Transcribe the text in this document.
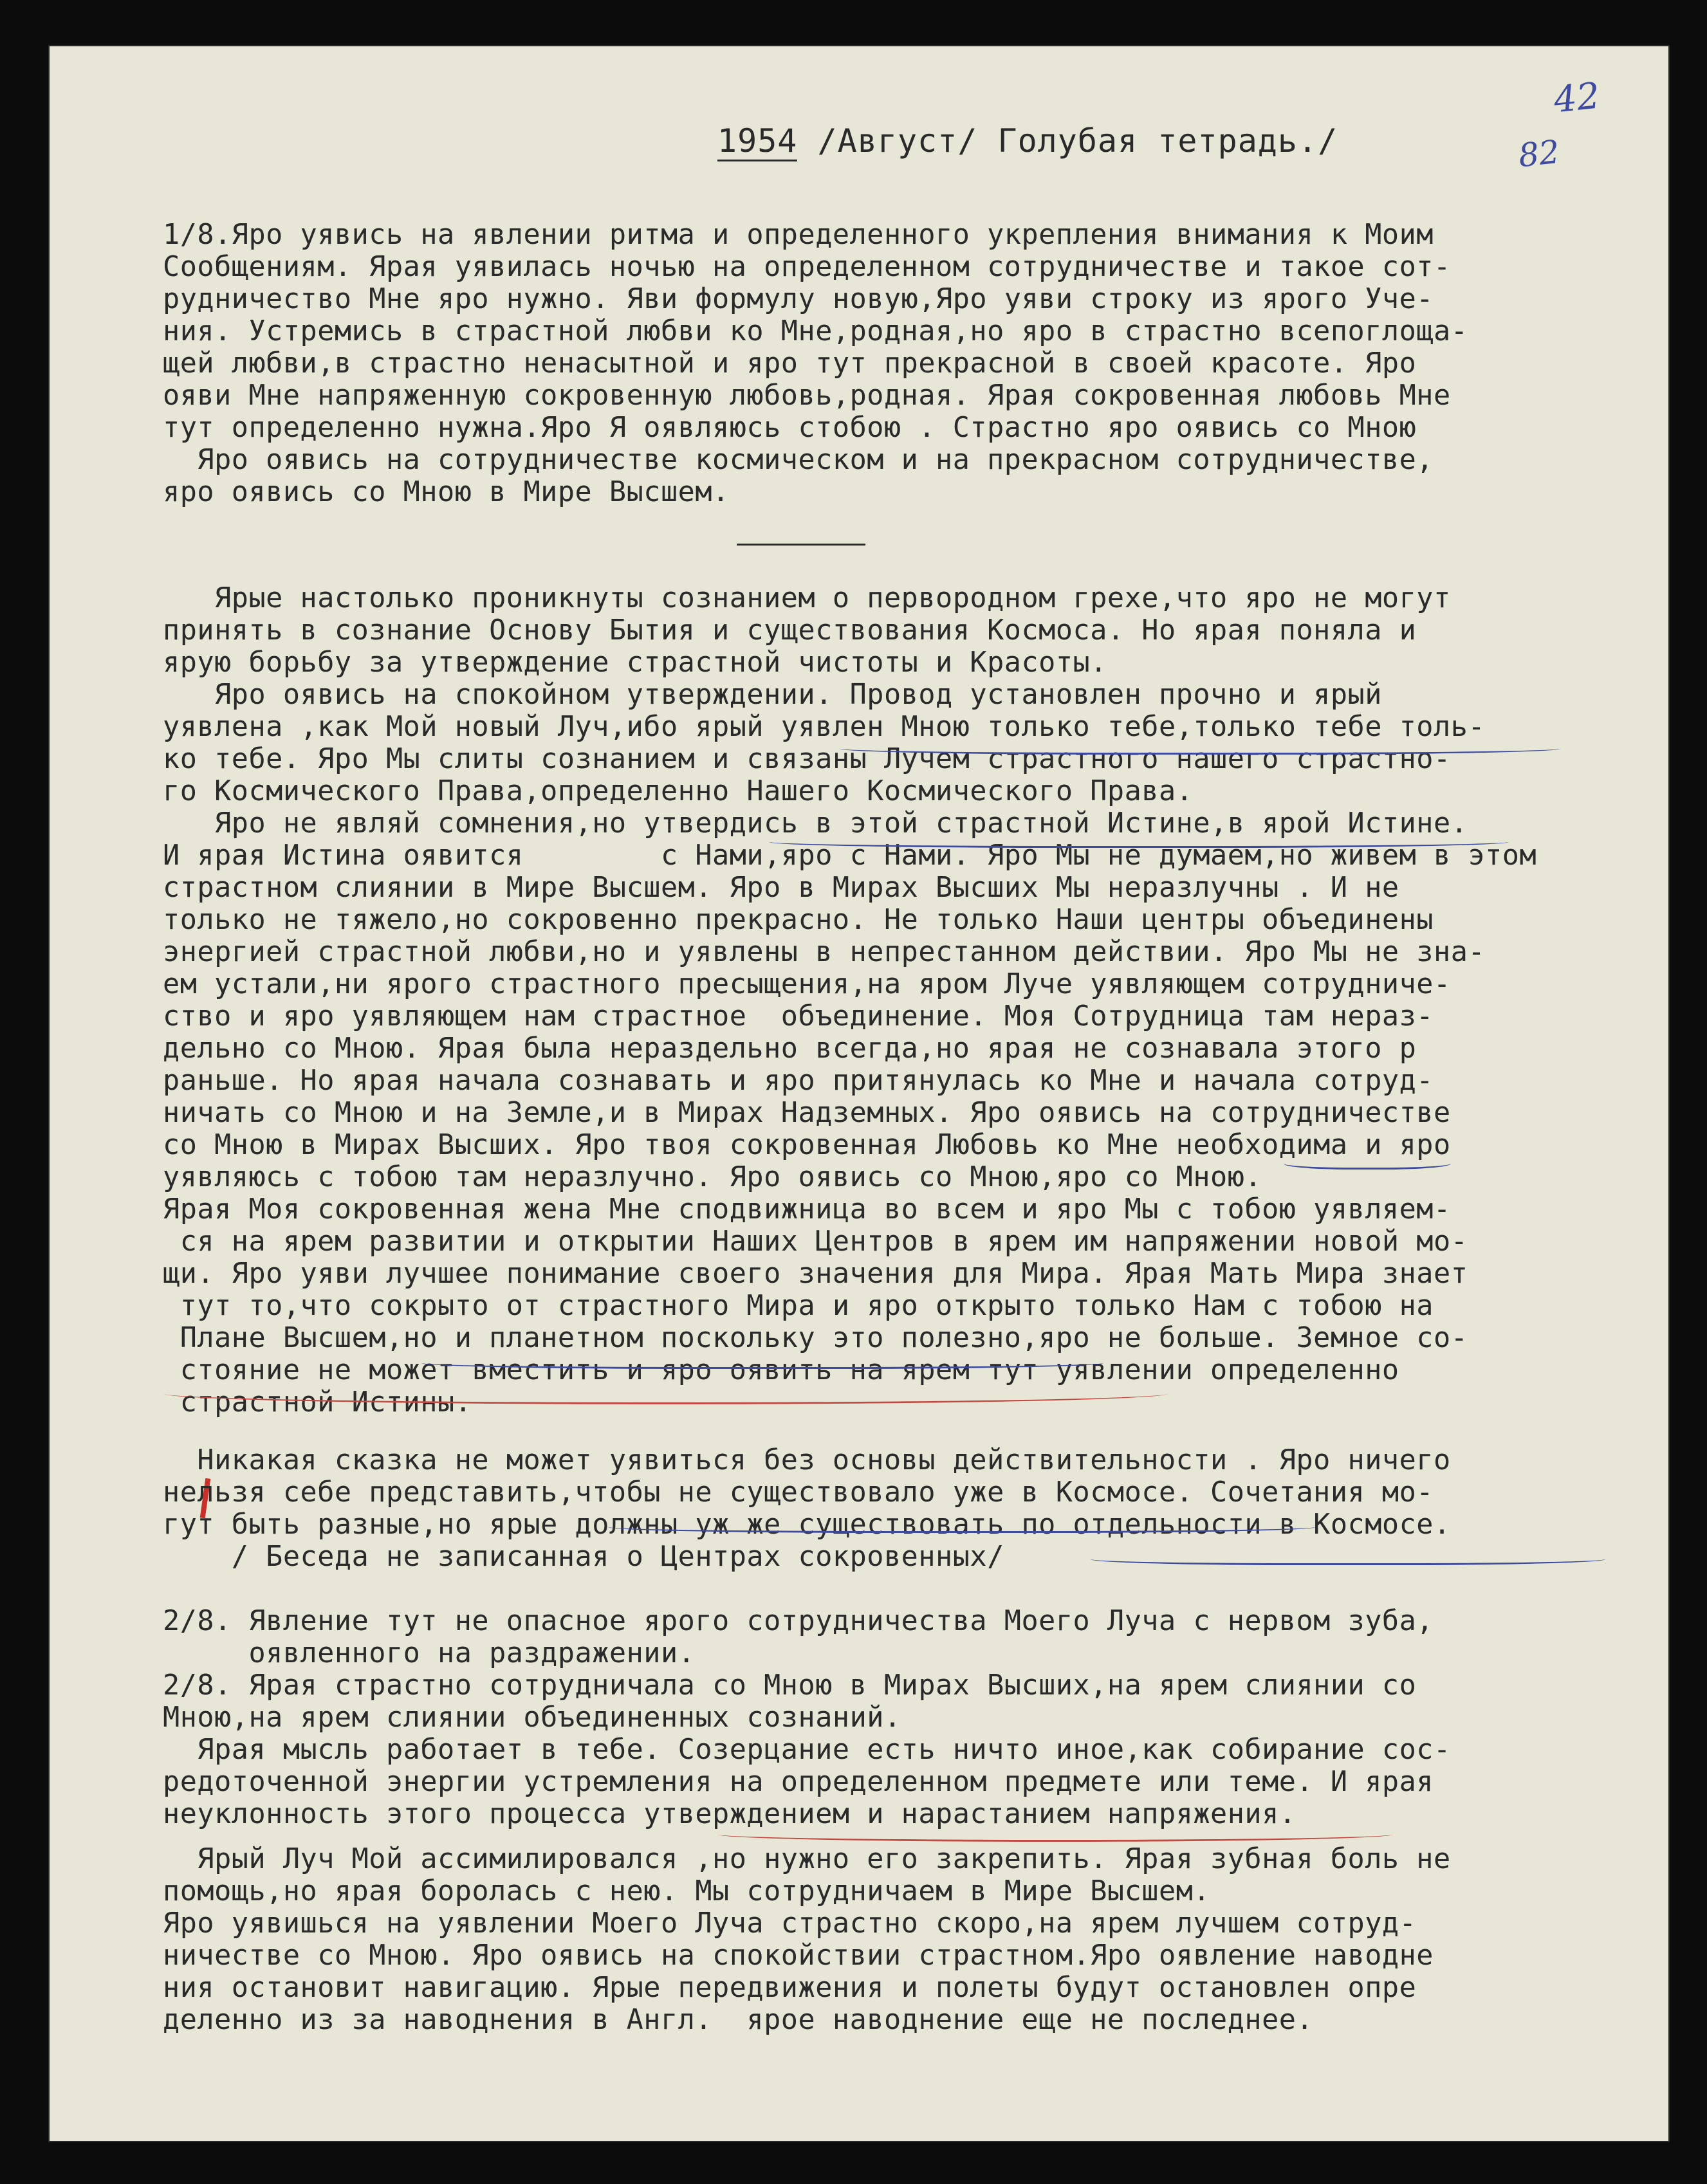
42
82
1954 /Август/ Голубая тетрадь./
1/8.Яро уявись на явлении ритма и определенного укрепления внимания к Моим
Сообщениям. Ярая уявилась ночью на определенном сотрудничестве и такое сот-
рудничество Мне яро нужно. Яви формулу новую,Яро уяви строку из ярого Уче-
ния. Устремись в страстной любви ко Мне,родная,но яро в страстно всепоглоща-
щей любви,в страстно ненасытной и яро тут прекрасной в своей красоте. Яро
ояви Мне напряженную сокровенную любовь,родная. Ярая сокровенная любовь Мне
тут определенно нужна.Яро Я оявляюсь стобою . Страстно яро оявись со Мною
Яро оявись на сотрудничестве космическом и на прекрасном сотрудничестве,
яро оявись со Мною в Мире Высшем.
Ярые настолько проникнуты сознанием о первородном грехе,что яро не могут
принять в сознание Основу Бытия и существования Космоса. Но ярая поняла и
ярую борьбу за утверждение страстной чистоты и Красоты.
Яро оявись на спокойном утверждении. Провод установлен прочно и ярый
уявлена ,как Мой новый Луч,ибо ярый уявлен Мною только тебе,только тебе толь-
ко тебе. Яро Мы слиты сознанием и связаны Лучем страстного нашего страстно-
го Космического Права,определенно Нашего Космического Права.
Яро не являй сомнения,но утвердись в этой страстной Истине,в ярой Истине.
И ярая Истина оявится        с Нами,яро с Нами. Яро Мы не думаем,но живем в этом
страстном слиянии в Мире Высшем. Яро в Мирах Высших Мы неразлучны . И не
только не тяжело,но сокровенно прекрасно. Не только Наши центры объединены
энергией страстной любви,но и уявлены в непрестанном действии. Яро Мы не зна-
ем устали,ни ярого страстного пресыщения,на яром Луче уявляющем сотрудниче-
ство и яро уявляющем нам страстное  объединение. Моя Сотрудница там нераз-
дельно со Мною. Ярая была нераздельно всегда,но ярая не сознавала этого р
раньше. Но ярая начала сознавать и яро притянулась ко Мне и начала сотруд-
ничать со Мною и на Земле,и в Мирах Надземных. Яро оявись на сотрудничестве
со Мною в Мирах Высших. Яро твоя сокровенная Любовь ко Мне необходима и яро
уявляюсь с тобою там неразлучно. Яро оявись со Мною,яро со Мною.
Ярая Моя сокровенная жена Мне сподвижница во всем и яро Мы с тобою уявляем-
ся на ярем развитии и открытии Наших Центров в ярем им напряжении новой мо-
щи. Яро уяви лучшее понимание своего значения для Мира. Ярая Мать Мира знает
тут то,что сокрыто от страстного Мира и яро открыто только Нам с тобою на
Плане Высшем,но и планетном поскольку это полезно,яро не больше. Земное со-
стояние не может вместить и яро оявить на ярем тут уявлении определенно
страстной Истины.
Никакая сказка не может уявиться без основы действительности . Яро ничего
нельзя себе представить,чтобы не существовало уже в Космосе. Сочетания мо-
гут быть разные,но ярые должны уж же существовать по отдельности в Космосе.
/ Беседа не записанная о Центрах сокровенных/
2/8. Явление тут не опасное ярого сотрудничества Моего Луча с нервом зуба,
оявленного на раздражении.
2/8. Ярая страстно сотрудничала со Мною в Мирах Высших,на ярем слиянии со
Мною,на ярем слиянии объединенных сознаний.
Ярая мысль работает в тебе. Созерцание есть ничто иное,как собирание сос-
редоточенной энергии устремления на определенном предмете или теме. И ярая
неуклонность этого процесса утверждением и нарастанием напряжения.
Ярый Луч Мой ассимилировался ,но нужно его закрепить. Ярая зубная боль не
помощь,но ярая боролась с нею. Мы сотрудничаем в Мире Высшем.
Яро уявишься на уявлении Моего Луча страстно скоро,на ярем лучшем сотруд-
ничестве со Мною. Яро оявись на спокойствии страстном.Яро оявление наводне
ния остановит навигацию. Ярые передвижения и полеты будут остановлен опре
деленно из за наводнения в Англ.  ярое наводнение еще не последнее.
